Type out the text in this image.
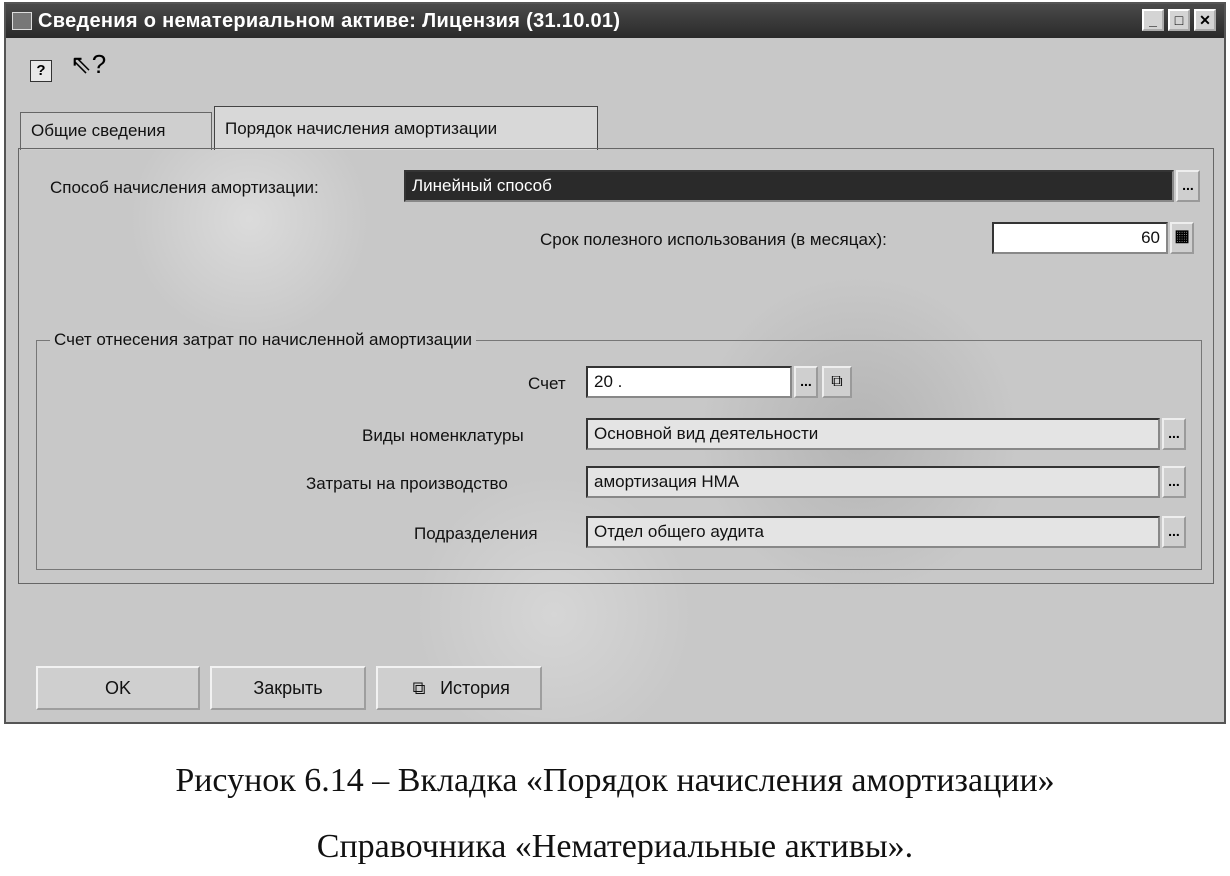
Сведения о нематериальном активе: Лицензия (31.10.01)	_	□	✕
? ⇖?
Общие сведения	Порядок начисления амортизации
Способ начисления амортизации:	Линейный способ	...
Срок полезного использования (в месяцах):	60 ▦
Счет отнесения затрат по начисленной амортизации
Счет	20 .	...	⧉
Виды номенклатуры	Основной вид деятельности	...
Затраты на производство	амортизация НМА	...
Подразделения	Отдел общего аудита	...
OK	Закрыть	⧉ История
Рисунок 6.14 – Вкладка «Порядок начисления амортизации»
Справочника «Нематериальные активы».
